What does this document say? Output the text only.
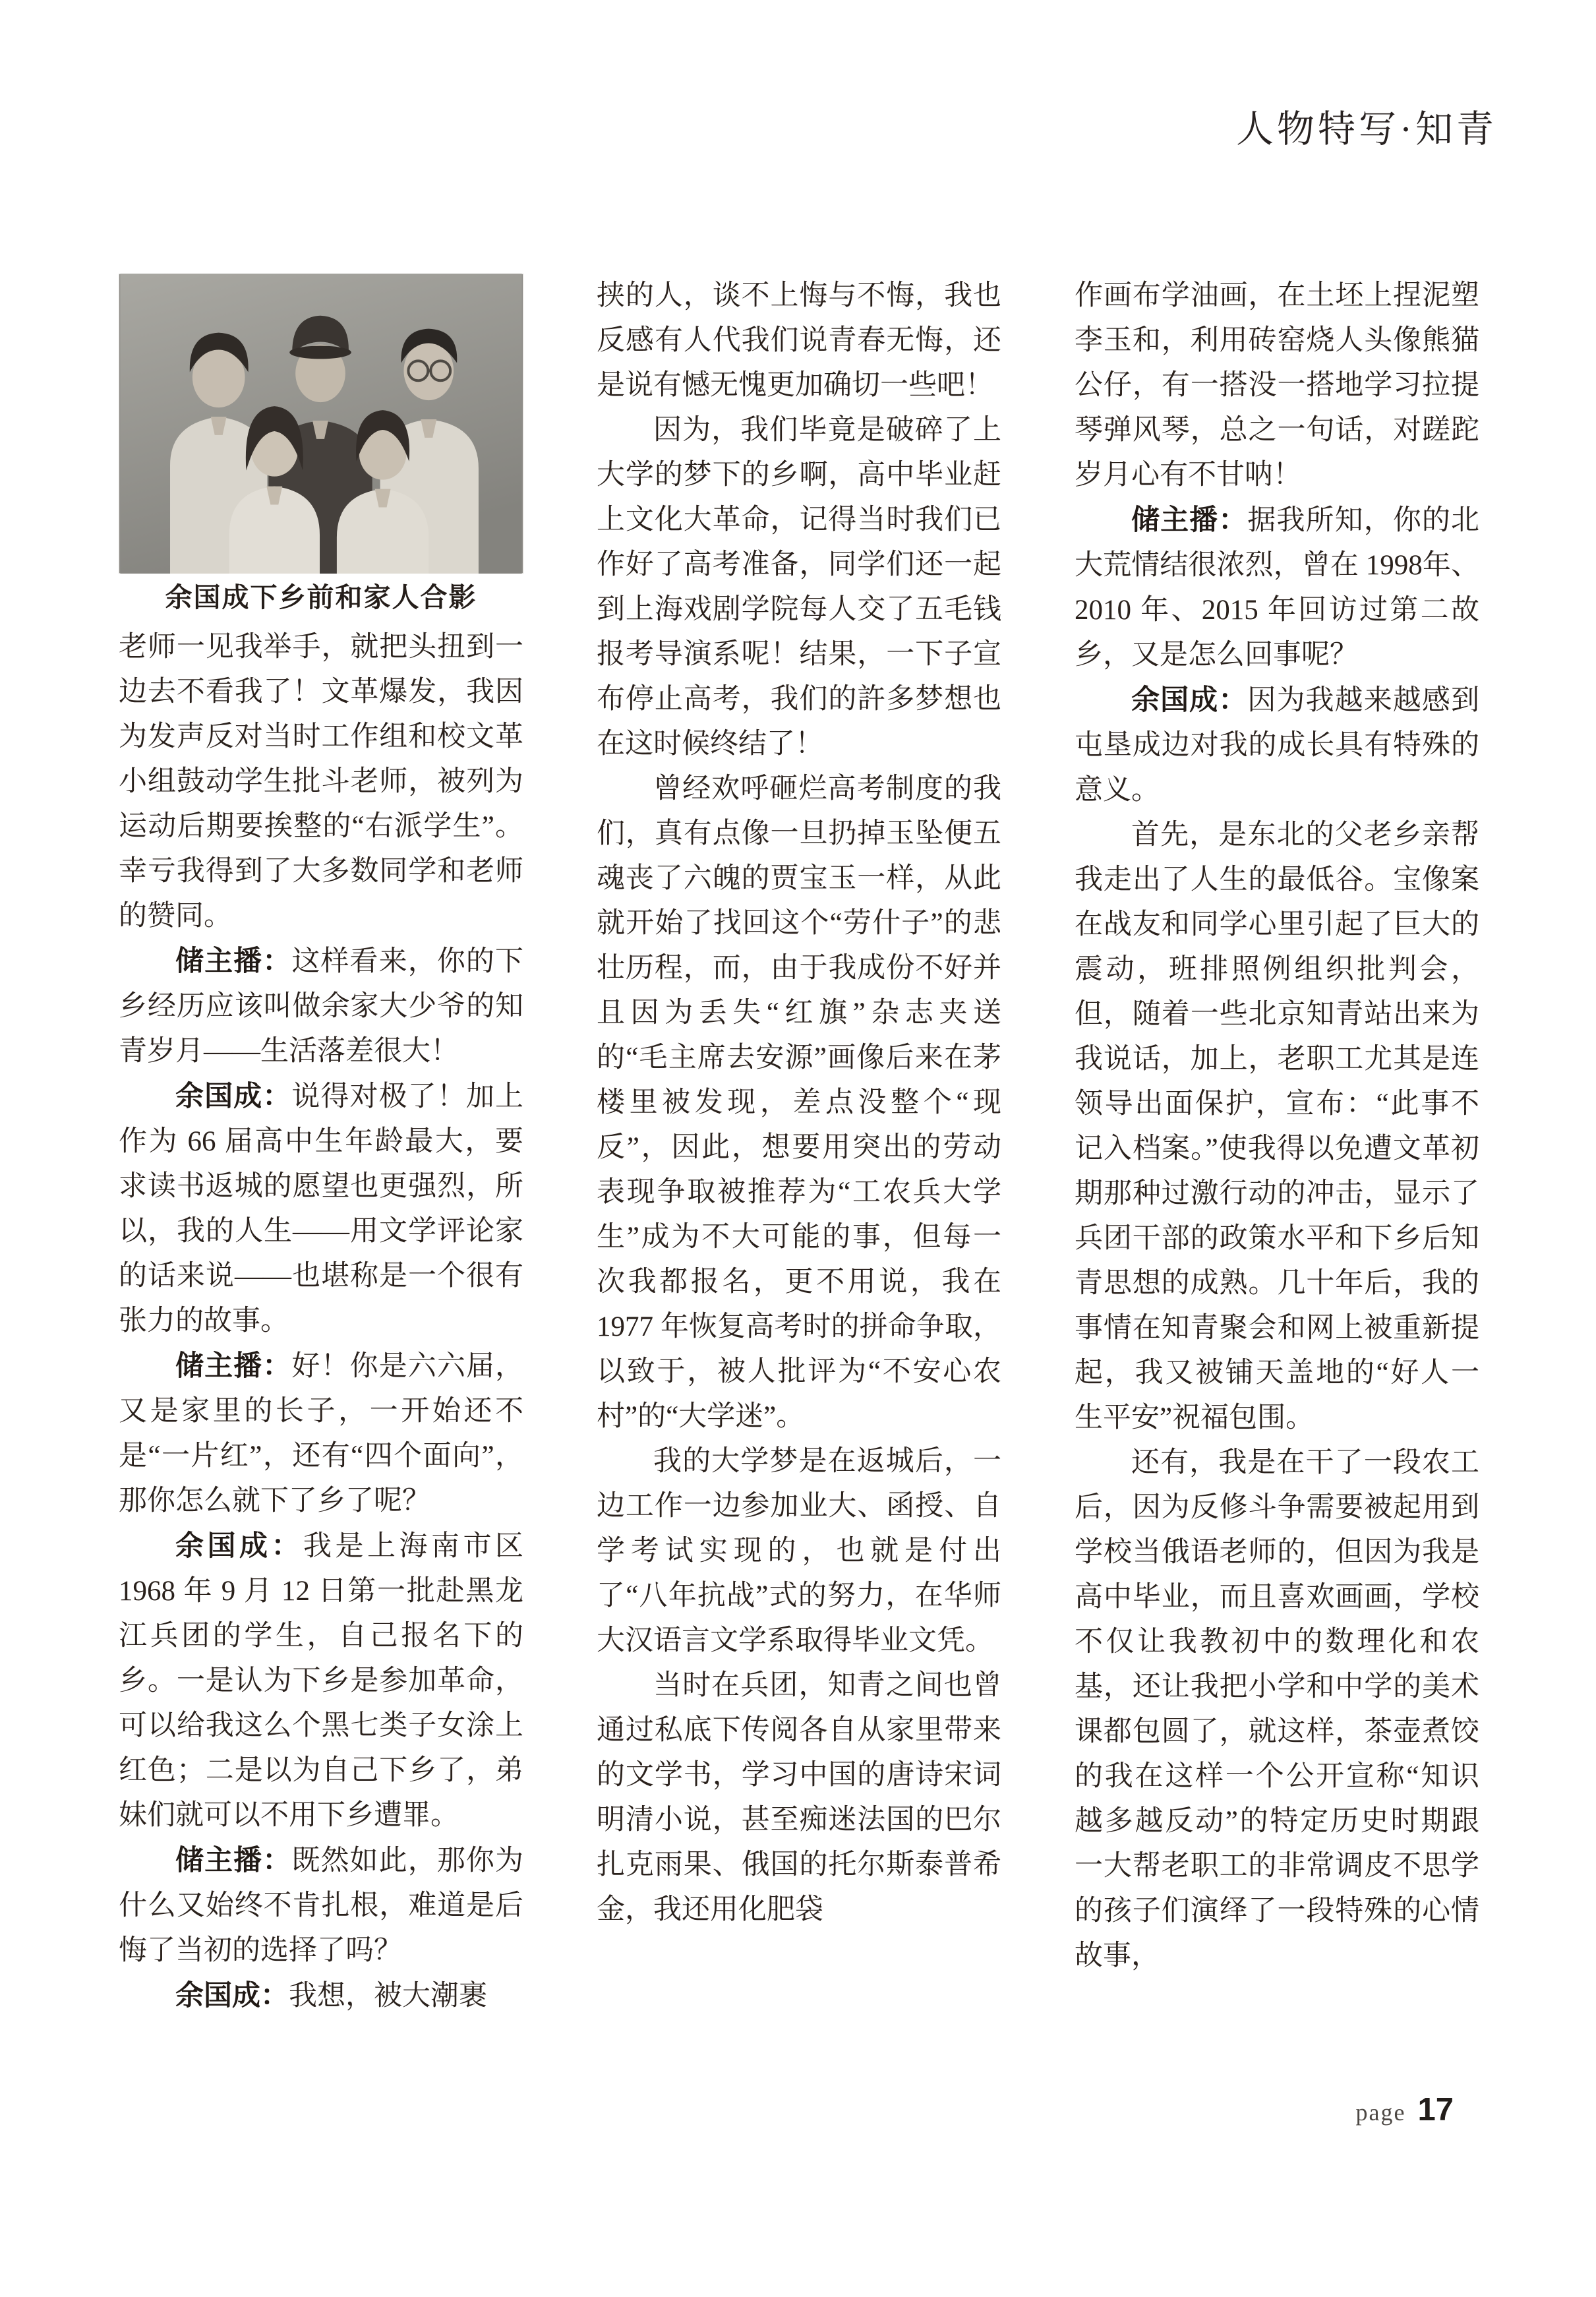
人物特写·知青
余国成下乡前和家人合影

老师一见我举手，就把头扭到一边去不看我了！文革爆发，我因为发声反对当时工作组和校文革小组鼓动学生批斗老师，被列为运动后期要挨整的“右派学生”。幸亏我得到了大多数同学和老师的赞同。

储主播：这样看来，你的下乡经历应该叫做余家大少爷的知青岁月——生活落差很大！

余国成：说得对极了！加上作为 66 届高中生年龄最大，要求读书返城的愿望也更强烈，所以，我的人生——用文学评论家的话来说——也堪称是一个很有张力的故事。

储主播：好！你是六六届，又是家里的长子，一开始还不是“一片红”，还有“四个面向”，那你怎么就下了乡了呢？

余国成：我是上海南市区1968 年 9 月 12 日第一批赴黑龙江兵团的学生，自己报名下的乡。一是认为下乡是参加革命，可以给我这么个黑七类子女涂上红色；二是以为自己下乡了，弟妹们就可以不用下乡遭罪。

储主播：既然如此，那你为什么又始终不肯扎根，难道是后悔了当初的选择了吗？

余国成：我想，被大潮裹

挟的人，谈不上悔与不悔，我也反感有人代我们说青春无悔，还是说有憾无愧更加确切一些吧！

因为，我们毕竟是破碎了上大学的梦下的乡啊，高中毕业赶上文化大革命，记得当时我们已作好了高考准备，同学们还一起到上海戏剧学院每人交了五毛钱报考导演系呢！结果，一下子宣布停止高考，我们的許多梦想也在这时候终结了！

曾经欢呼砸烂高考制度的我们，真有点像一旦扔掉玉坠便五魂丧了六魄的贾宝玉一样，从此就开始了找回这个“劳什子”的悲壮历程，而，由于我成份不好并且因为丢失“红旗”杂志夹送的“毛主席去安源”画像后来在茅楼里被发现，差点没整个“现反”，因此，想要用突出的劳动表现争取被推荐为“工农兵大学生”成为不大可能的事，但每一次我都报名，更不用说，我在 1977 年恢复高考时的拼命争取，以致于，被人批评为“不安心农村”的“大学迷”。

我的大学梦是在返城后，一边工作一边参加业大、函授、自学考试实现的，也就是付出了“八年抗战”式的努力，在华师大汉语言文学系取得毕业文凭。

当时在兵团，知青之间也曾通过私底下传阅各自从家里带来的文学书，学习中国的唐诗宋词明清小说，甚至痴迷法国的巴尔扎克雨果、俄国的托尔斯泰普希金，我还用化肥袋

作画布学油画，在土坯上捏泥塑李玉和，利用砖窑烧人头像熊猫公仔，有一搭没一搭地学习拉提琴弹风琴，总之一句话，对蹉跎岁月心有不甘呐！

储主播：据我所知，你的北大荒情结很浓烈，曾在 1998年、2010 年、2015 年回访过第二故乡，又是怎么回事呢？

余国成：因为我越来越感到屯垦成边对我的成长具有特殊的意义。

首先，是东北的父老乡亲帮我走出了人生的最低谷。宝像案在战友和同学心里引起了巨大的震动，班排照例组织批判会，但，随着一些北京知青站出来为我说话，加上，老职工尤其是连领导出面保护，宣布：“此事不记入档案。”使我得以免遭文革初期那种过激行动的冲击，显示了兵团干部的政策水平和下乡后知青思想的成熟。几十年后，我的事情在知青聚会和网上被重新提起，我又被铺天盖地的“好人一生平安”祝福包围。

还有，我是在干了一段农工后，因为反修斗争需要被起用到学校当俄语老师的，但因为我是高中毕业，而且喜欢画画，学校不仅让我教初中的数理化和农基，还让我把小学和中学的美术课都包圆了，就这样，茶壶煮饺的我在这样一个公开宣称“知识越多越反动”的特定历史时期跟一大帮老职工的非常调皮不思学的孩子们演绎了一段特殊的心情故事，

page 17
